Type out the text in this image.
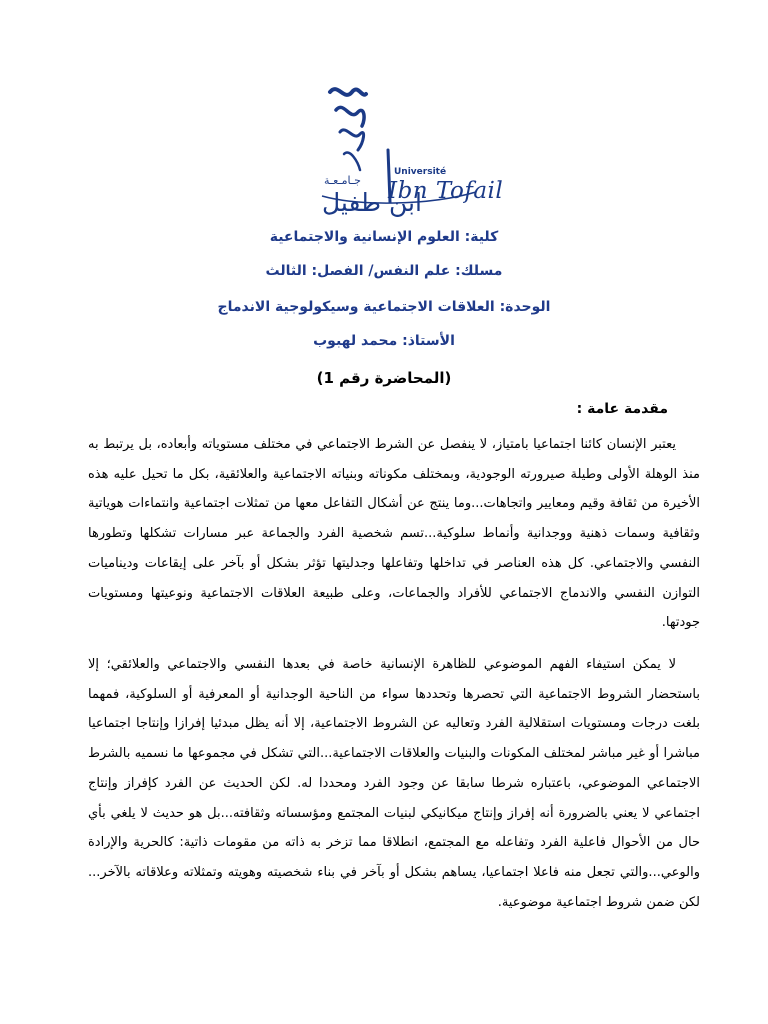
Université
Ibn Tofail
جـامـعـة
ابن طفيل
كلية: العلوم الإنسانية والاجتماعية
مسلك: علم النفس/ الفصل: الثالث
الوحدة: العلاقات الاجتماعية وسيكولوجية الاندماج
الأستاذ: محمد لهبوب
(المحاضرة رقم 1)
مقدمة عامة :
يعتبر الإنسان كائنا اجتماعيا بامتياز، لا ينفصل عن الشرط الاجتماعي في مختلف مستوياته وأبعاده، بل يرتبط به منذ الوهلة الأولى وطيلة صيرورته الوجودية، وبمختلف مكوناته وبنياته الاجتماعية والعلائقية، بكل ما تحيل عليه هذه الأخيرة من ثقافة وقيم ومعايير واتجاهات...وما ينتج عن أشكال التفاعل معها من تمثلات اجتماعية وانتماءات هوياتية وثقافية وسمات ذهنية ووجدانية وأنماط سلوكية...تسم شخصية الفرد والجماعة عبر مسارات تشكلها وتطورها النفسي والاجتماعي. كل هذه العناصر في تداخلها وتفاعلها وجدليتها تؤثر بشكل أو بآخر على إيقاعات وديناميات التوازن النفسي والاندماج الاجتماعي للأفراد والجماعات، وعلى طبيعة العلاقات الاجتماعية ونوعيتها ومستويات جودتها.
لا يمكن استيفاء الفهم الموضوعي للظاهرة الإنسانية خاصة في بعدها النفسي والاجتماعي والعلائقي؛ إلا باستحضار الشروط الاجتماعية التي تحصرها وتحددها سواء من الناحية الوجدانية أو المعرفية أو السلوكية، فمهما بلغت درجات ومستويات استقلالية الفرد وتعاليه عن الشروط الاجتماعية، إلا أنه يظل مبدئيا إفرازا وإنتاجا اجتماعيا مباشرا أو غير مباشر لمختلف المكونات والبنيات والعلاقات الاجتماعية...التي تشكل في مجموعها ما نسميه بالشرط الاجتماعي الموضوعي، باعتباره شرطا سابقا عن وجود الفرد ومحددا له. لكن الحديث عن الفرد كإفراز وإنتاج اجتماعي لا يعني بالضرورة أنه إفراز وإنتاج ميكانيكي لبنيات المجتمع ومؤسساته وثقافته...بل هو حديث لا يلغي بأي حال من الأحوال فاعلية الفرد وتفاعله مع المجتمع، انطلاقا مما تزخر به ذاته من مقومات ذاتية: كالحرية والإرادة والوعي...والتي تجعل منه فاعلا اجتماعيا، يساهم بشكل أو بآخر في بناء شخصيته وهويته وتمثلاته وعلاقاته بالآخر... لكن ضمن شروط اجتماعية موضوعية.
